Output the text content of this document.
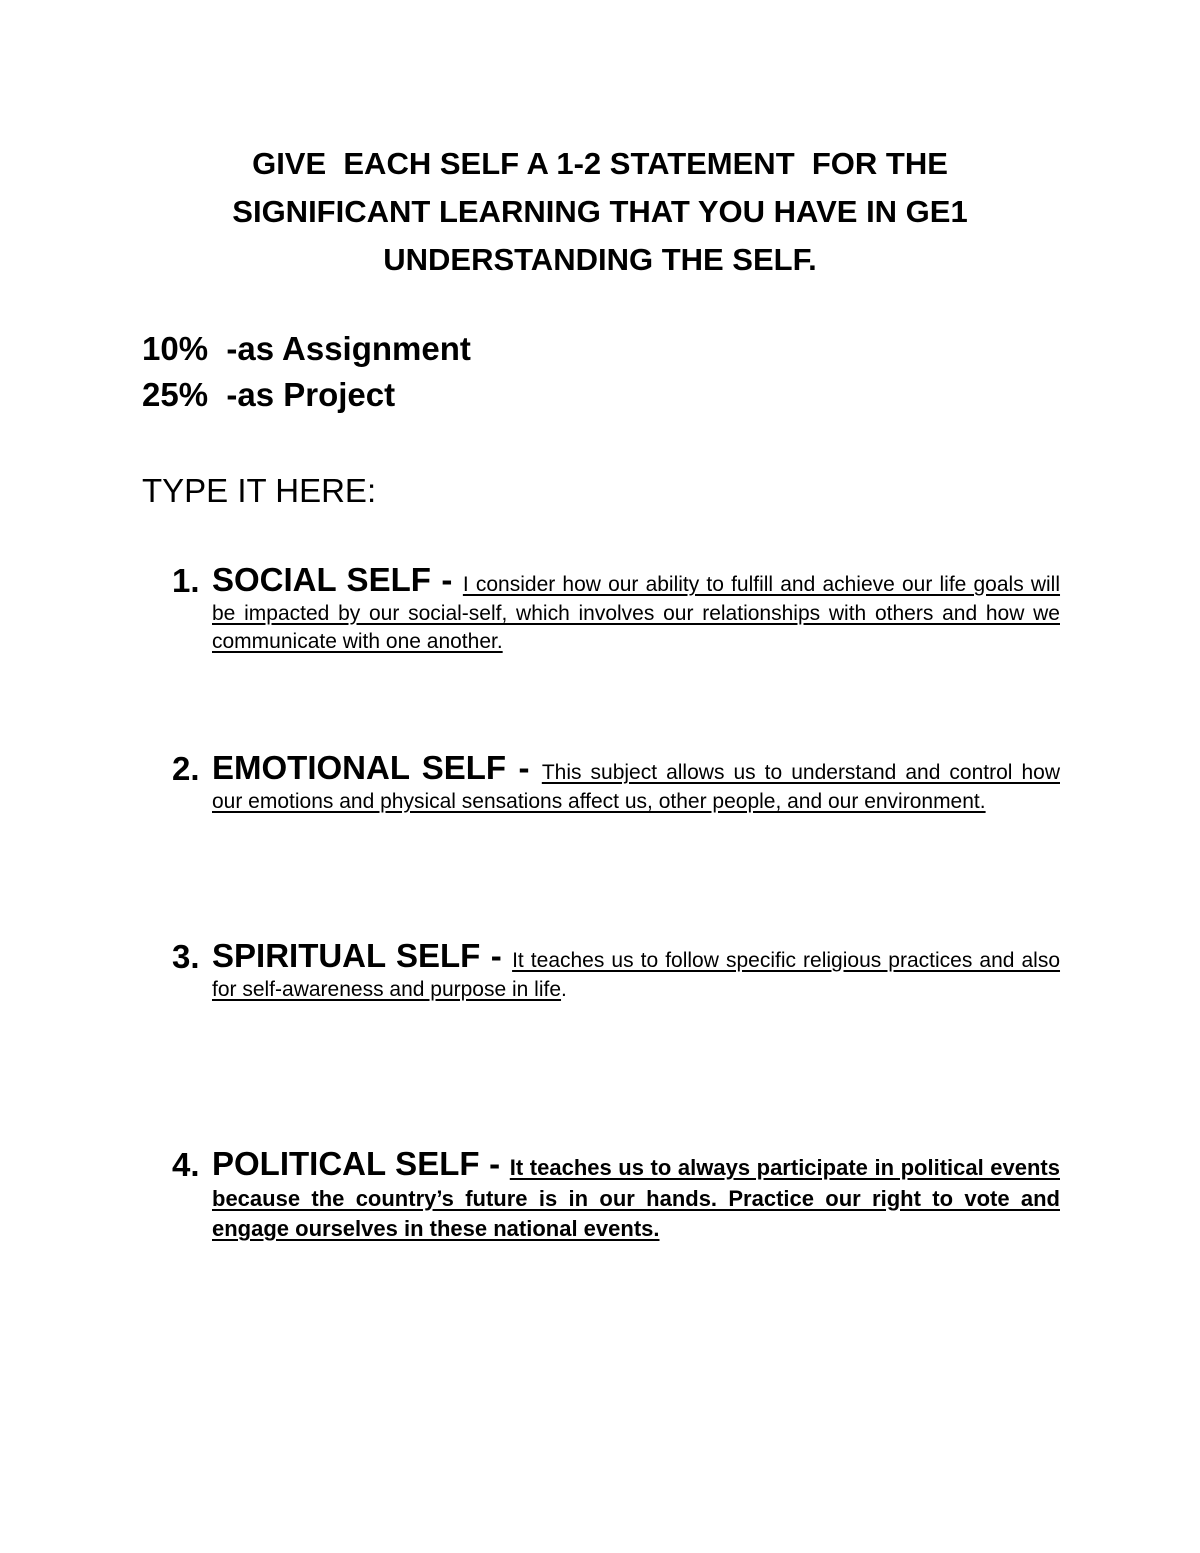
GIVE  EACH SELF A 1-2 STATEMENT  FOR THE
SIGNIFICANT LEARNING THAT YOU HAVE IN GE1
UNDERSTANDING THE SELF.
10%  -as Assignment
25%  -as Project
TYPE IT HERE:
1. SOCIAL SELF - I consider how our ability to fulfill and achieve our life goals will be impacted by our social-self, which involves our relationships with others and how we communicate with one another.
2. EMOTIONAL SELF - This subject allows us to understand and control how our emotions and physical sensations affect us, other people, and our environment.
3. SPIRITUAL SELF - It teaches us to follow specific religious practices and also for self-awareness and purpose in life.
4. POLITICAL SELF - It teaches us to always participate in political events because the country’s future is in our hands. Practice our right to vote and engage ourselves in these national events.
